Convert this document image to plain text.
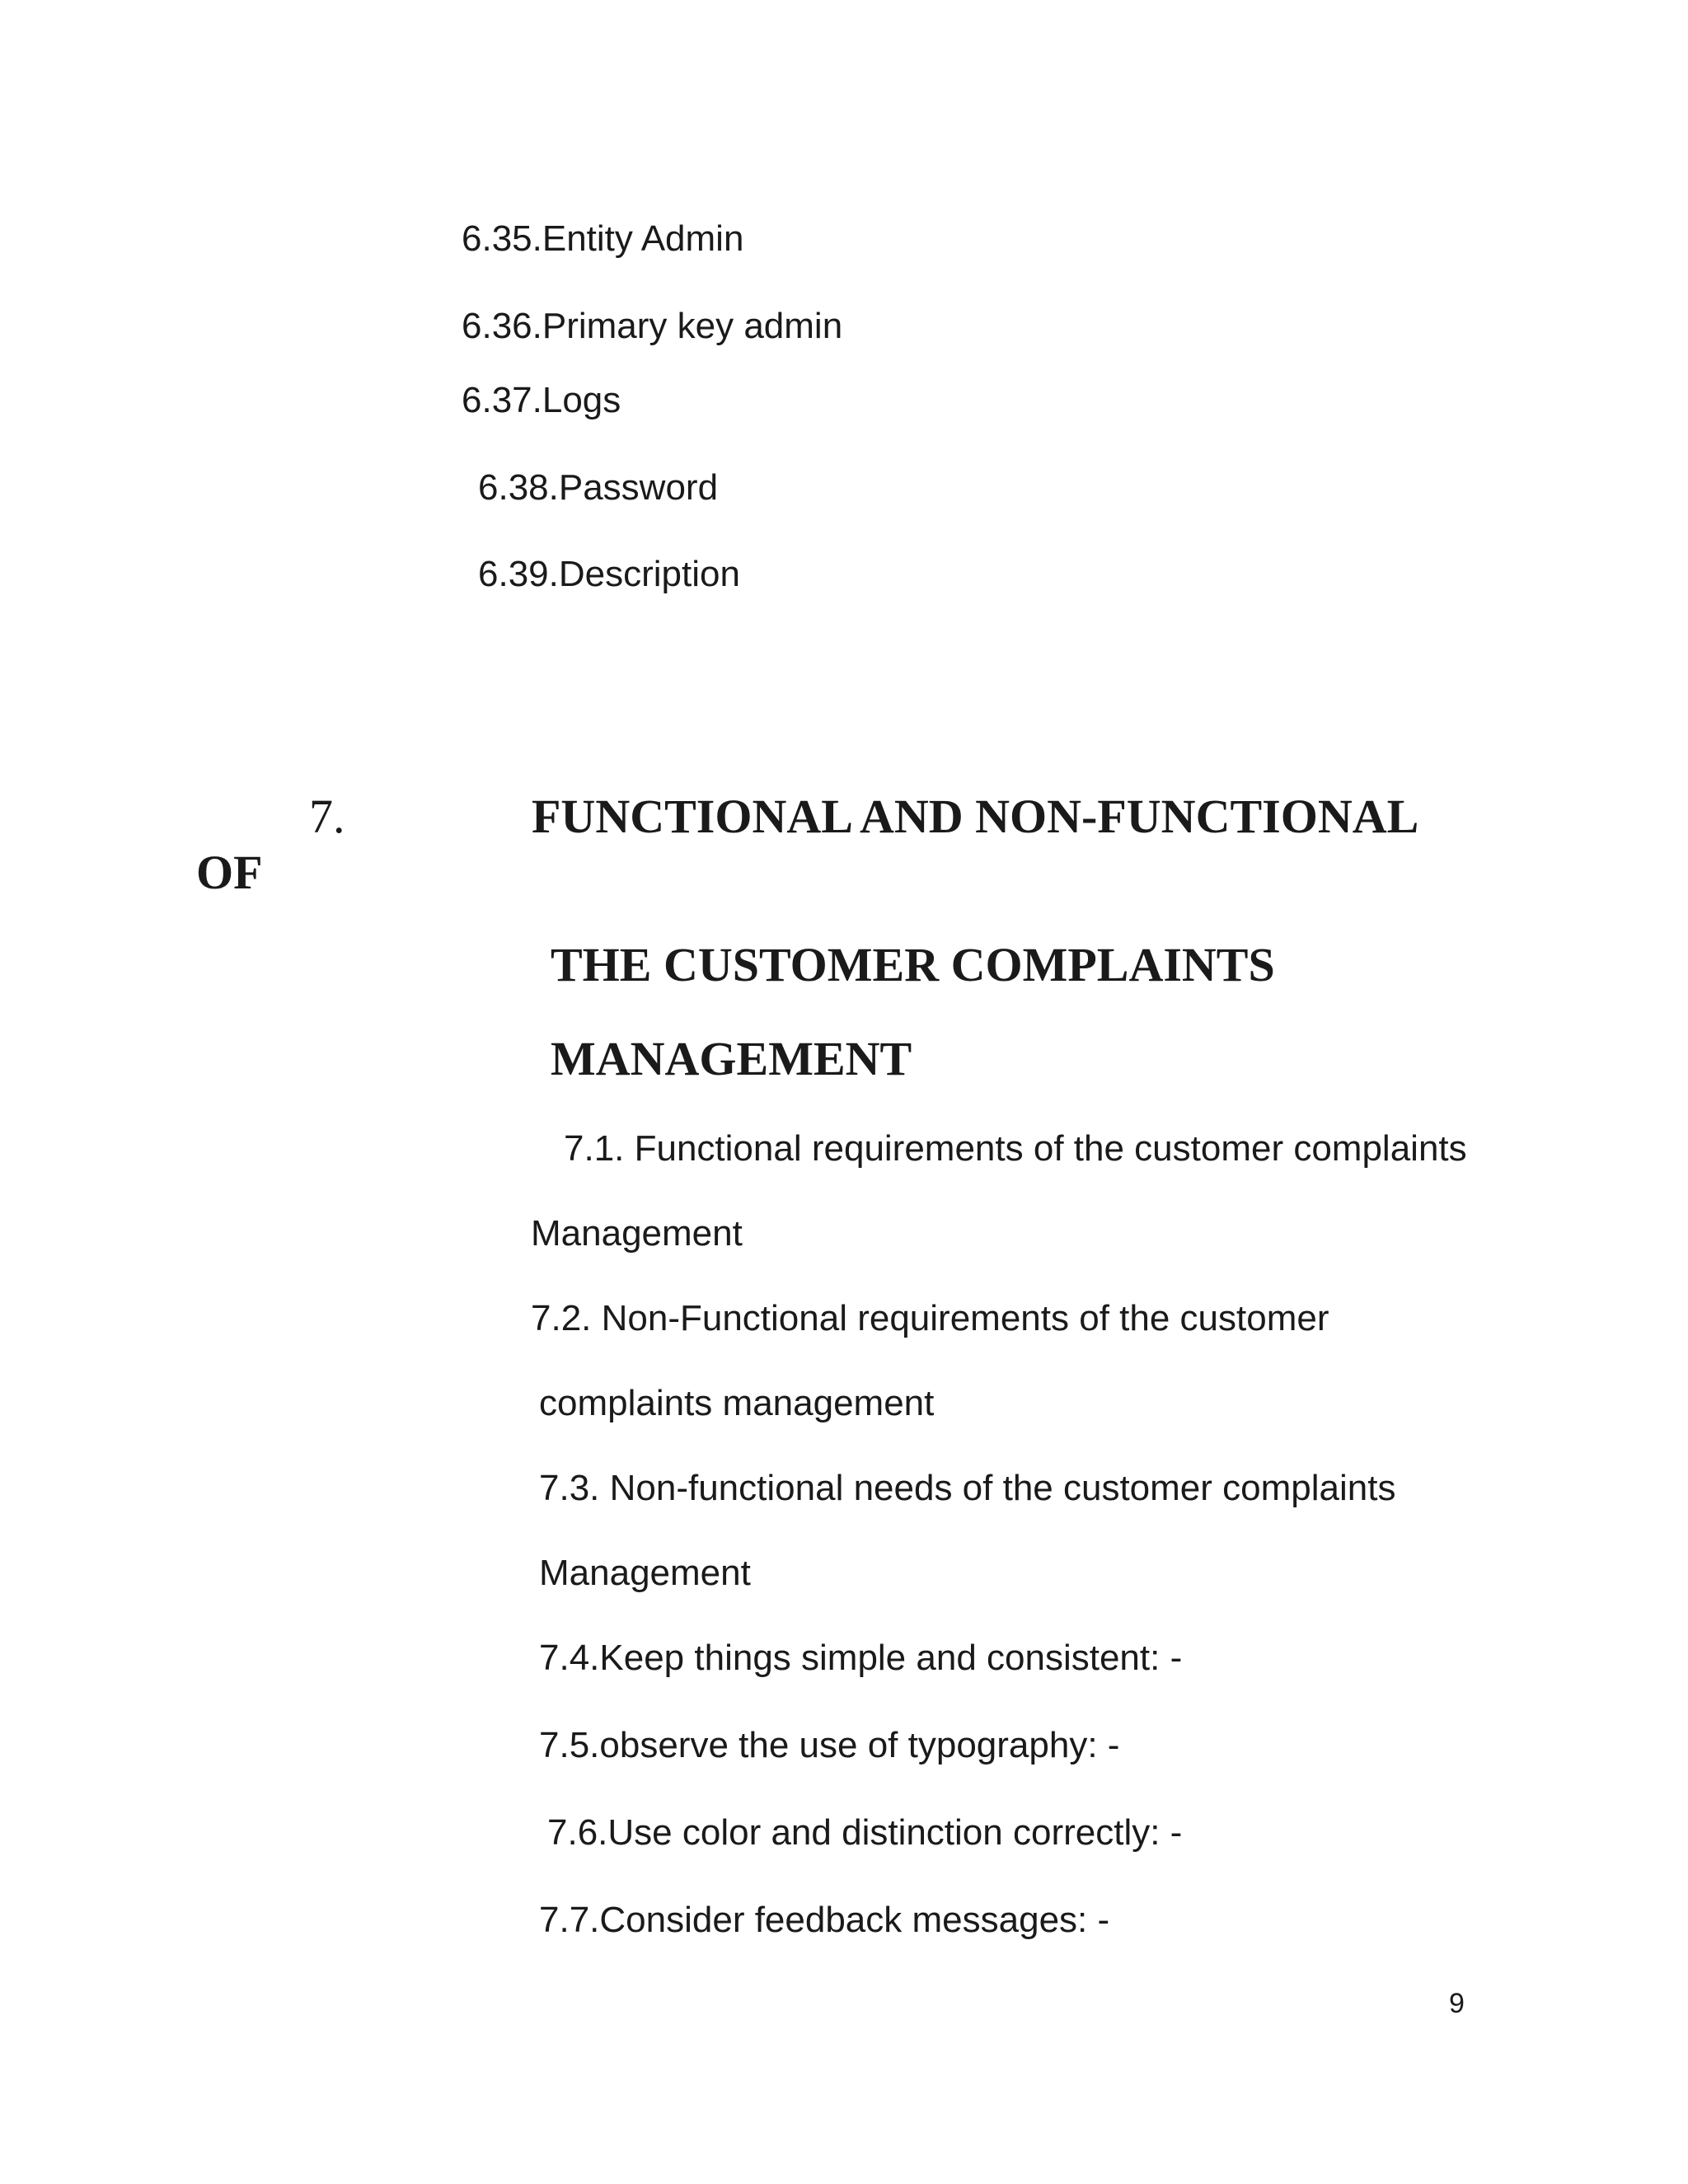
6.35.Entity Admin
6.36.Primary key admin
6.37.Logs
6.38.Password
6.39.Description
7.	FUNCTIONAL AND NON-FUNCTIONAL
OF
THE CUSTOMER COMPLAINTS
MANAGEMENT
7.1. Functional requirements of the customer complaints
Management
7.2. Non-Functional requirements of the customer
complaints management
7.3. Non-functional needs of the customer complaints
Management
7.4.Keep things simple and consistent: -
7.5.observe the use of typography: -
7.6.Use color and distinction correctly: -
7.7.Consider feedback messages: -
9
